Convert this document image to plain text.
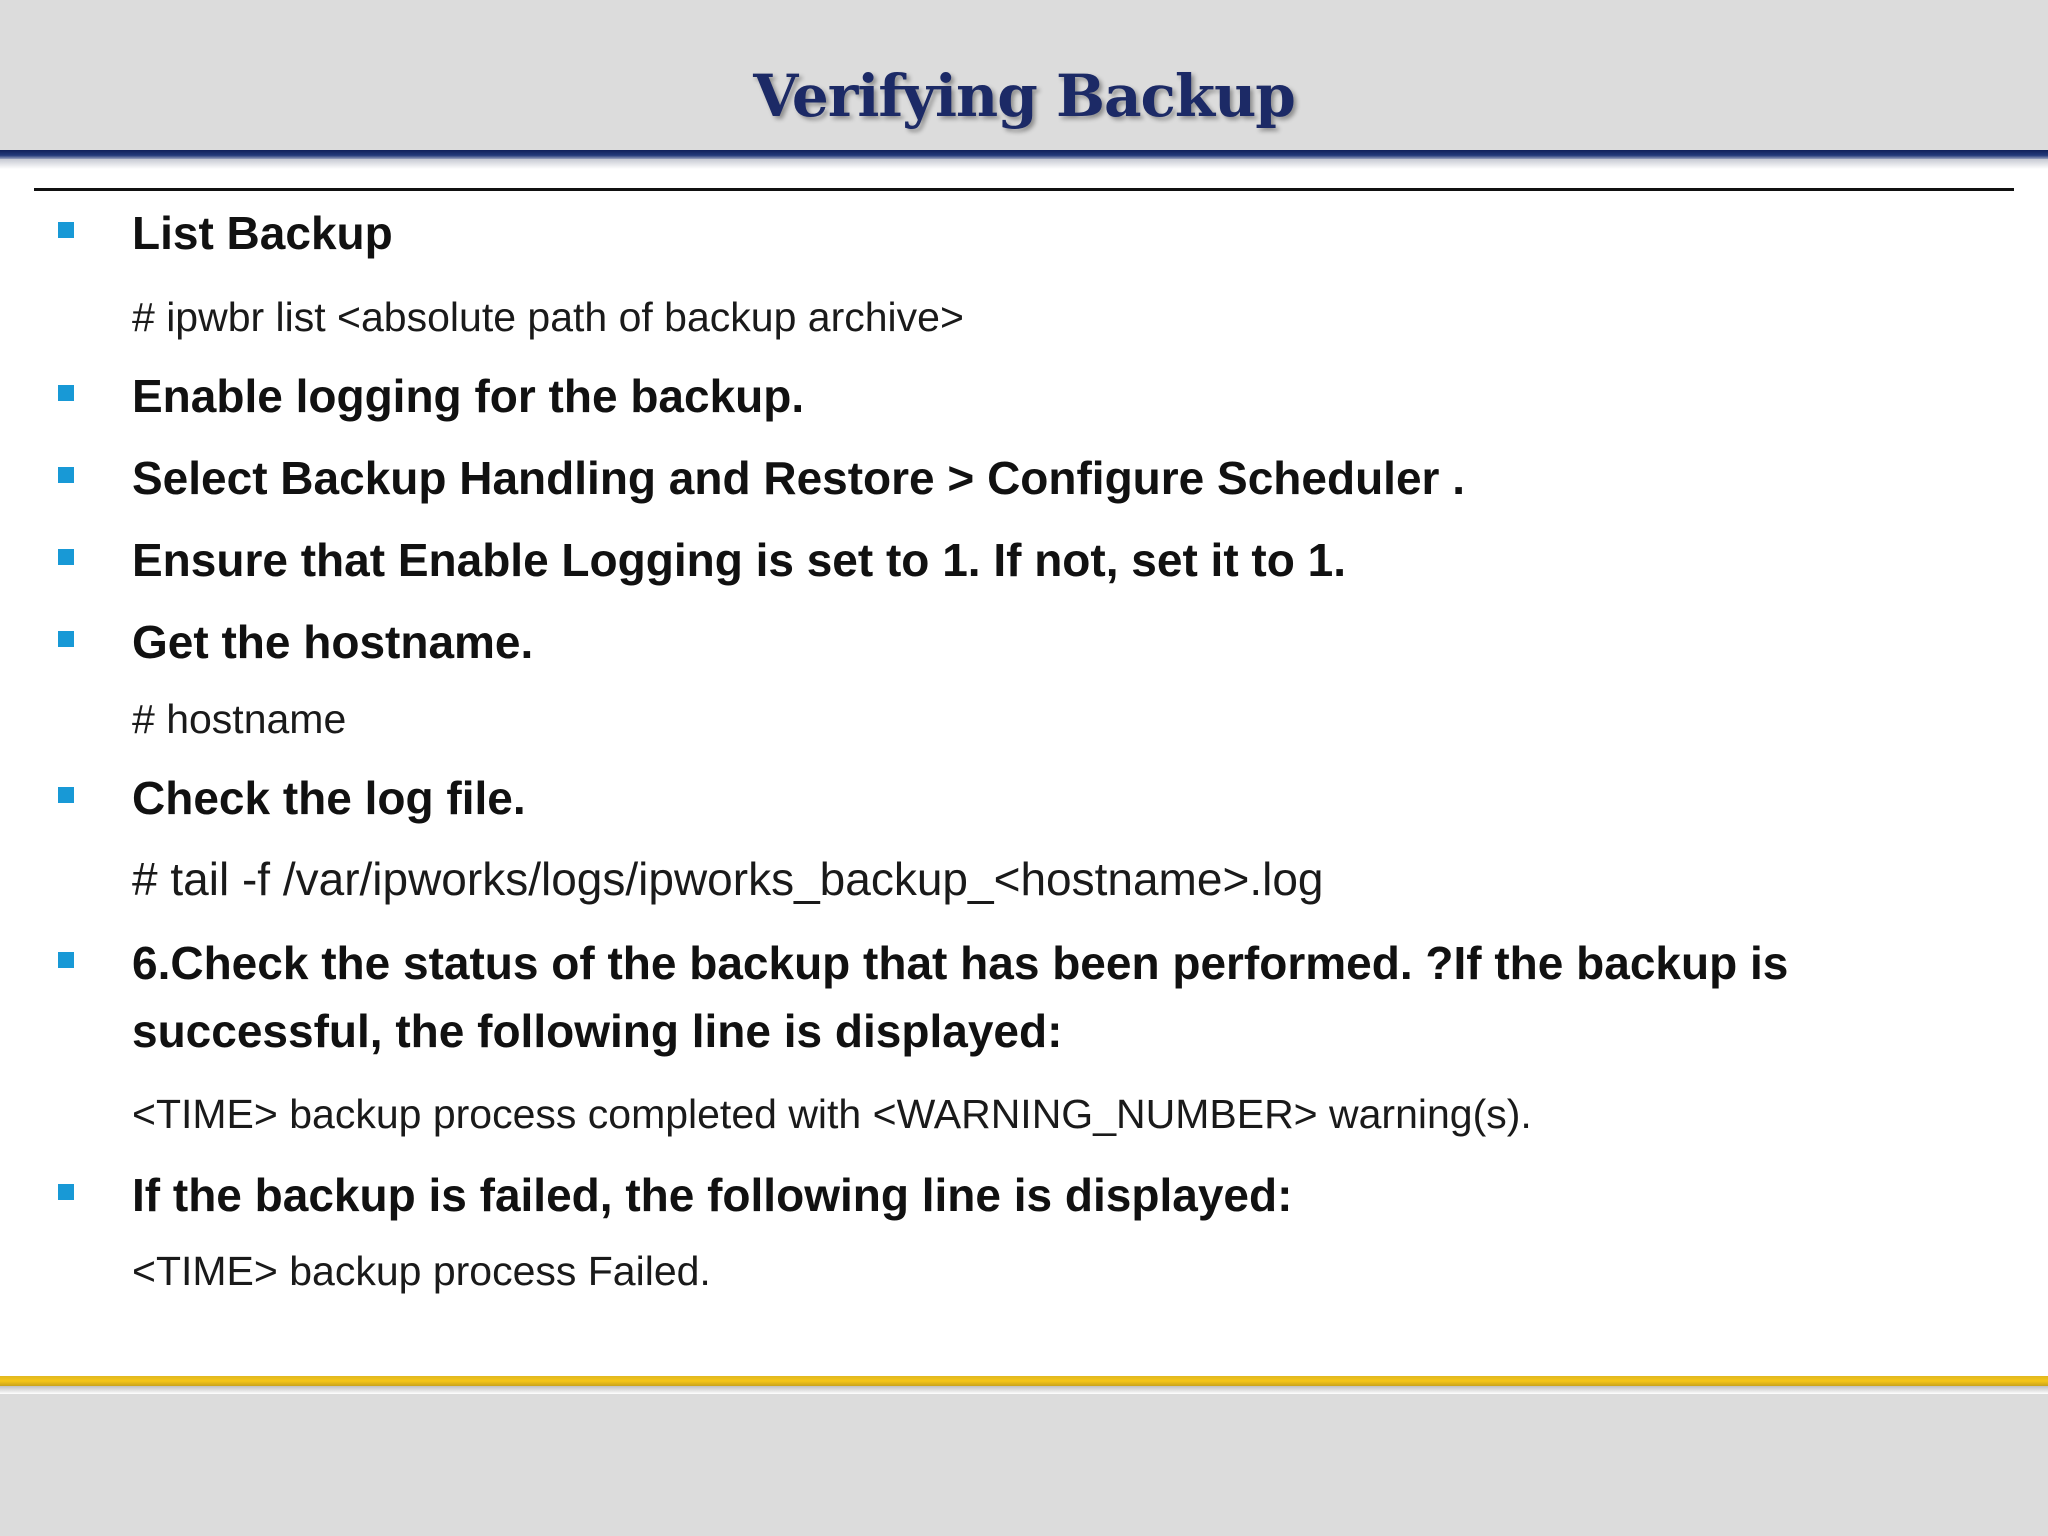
Verifying Backup
List Backup
# ipwbr list <absolute path of backup archive>
Enable logging for the backup.
Select Backup Handling and Restore > Configure Scheduler .
Ensure that Enable Logging is set to 1. If not, set it to 1.
Get the hostname.
# hostname
Check the log file.
# tail -f /var/ipworks/logs/ipworks_backup_<hostname>.log
6.Check the status of the backup that has been performed. ?If the backup is
successful, the following line is displayed:
<TIME> backup process completed with <WARNING_NUMBER> warning(s).
If the backup is failed, the following line is displayed:
<TIME> backup process Failed.
